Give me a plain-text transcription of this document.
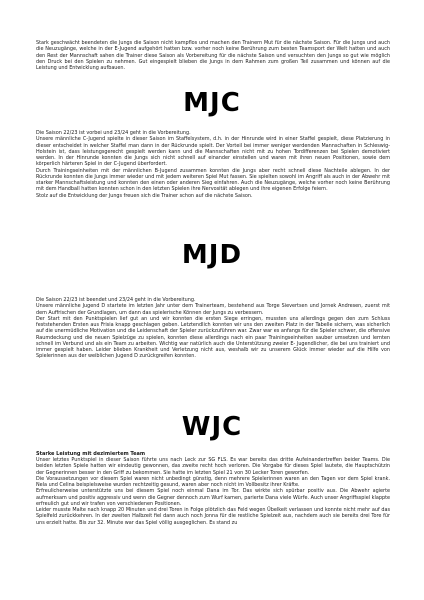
Stark geschwächt beendeten die Jungs die Saison nicht kampflos und machen den Trainern Mut für die nächste Saison. Für die Jungs und auch die Neuzugänge, welche in der E-Jugend aufgehört hatten bzw. vorher noch keine Berührung zum besten Teamsport der Welt hatten und auch den Rest der Mannschaft sahen die Trainer diese Saison als Vorbereitung für die nächste Saison und versuchten den Jungs so gut wie möglich den Druck bei den Spielen zu nehmen. Gut eingespielt blieben die Jungs in dem Rahmen zum großen Teil zusammen und können auf die Leistung und Entwicklung aufbauen.

MJC
Die Saison 22/23 ist vorbei und 23/24 geht in die Vorbereitung.
Unsere männliche C-Jugend spielte in dieser Saison im Staffelsystem, d.h. in der Hinrunde wird in einer Staffel gespielt, diese Platzierung in dieser entscheidet in welcher Staffel man dann in der Rückrunde spielt. Der Vorteil bei immer weniger werdenden Mannschaften in Schleswig-Holstein ist, dass leistungsgerecht gespielt werden kann und die Mannschaften nicht mit zu hohen Tordifferenzen bei Spielen demotiviert werden. In der Hinrunde konnten die Jungs sich nicht schnell auf einander einstellen und waren mit ihren neuen Positionen, sowie dem körperlich härteren Spiel in der C-Jugend überfordert.
Durch Trainingseinheiten mit der männlichen B-Jugend zusammen konnten die Jungs aber recht schnell diese Nachteile ablegen. In der Rückrunde konnten die Jungs immer wieder und mit jedem weiteren Spiel Mut fassen. Sie spielten sowohl im Angriff als auch in der Abwehr mit starker Mannschaftsleistung und konnten den einen oder anderen Sieg einfahren. Auch die Neuzugänge, welche vorher noch keine Berührung mit dem Handball hatten konnten schon in den letzten Spielen ihre Nervosität ablegen und ihre eigenen Erfolge feiern.
Stolz auf die Entwicklung der Jungs freuen sich die Trainer schon auf die nächste Saison.
MJD
Die Saison 22/23 ist beendet und 23/24 geht in die Vorbereitung.
Unsere männliche Jugend D startete im letzten Jahr unter dem Trainerteam, bestehend aus Torge Sievertsen und Jornek Andresen, zuerst mit dem Auffrischen der Grundlagen, um dann das spielerische Können der Jungs zu verbessern.
Der Start mit den Punktspielen lief gut an und wir konnten die ersten Siege erringen, mussten uns allerdings gegen den zum Schluss feststehenden Ersten aus Frisia knapp geschlagen geben. Letztendlich konnten wir uns den zweiten Platz in der Tabelle sichern, was sicherlich auf die unermüdliche Motivation und die Leidenschaft der Spieler zurückzuführen war. Zwar war es anfangs für die Spieler schwer, die offensive Raumdeckung und die neuen Spielzüge zu spielen, konnten diese allerdings nach ein paar Trainingseinheiten sauber umsetzen und lernten schnell im Verbund und als ein Team zu arbeiten. Wichtig war natürlich auch die Unterstützung zweier E- Jugendlicher, die bei uns trainiert und immer gespielt haben. Leider blieben Krankheit und Verletzung nicht aus, weshalb wir zu unserem Glück immer wieder auf die Hilfe von Spielerinnen aus der weiblichen Jugend D zurückgreifen konnten.
WJC

Starke Leistung mit dezimiertem Team

Unser letztes Punktspiel in dieser Saison führte uns nach Leck zur SG FLS. Es war bereits das dritte Aufeinandertreffen beider Teams. Die beiden letzten Spiele hatten wir eindeutig gewonnen, das zweite recht hoch verloren. Die Vorgabe für dieses Spiel lautete, die Hauptschützin der Gegnerinnen besser in den Griff zu bekommen. Sie hatte im letzten Spiel 21 von 30 Lecker Toren geworfen.
Die Voraussetzungen vor diesem Spiel waren nicht unbedingt günstig, denn mehrere Spielerinnen waren an den Tagen vor dem Spiel krank. Nela und Celina beispielsweise wurden rechtzeitig gesund, waren aber noch nicht im Vollbesitz ihrer Kräfte.
Erfreulicherweise unterstützte uns bei diesem Spiel noch einmal Dana im Tor. Das wirkte sich spürbar positiv aus. Die Abwehr agierte aufmerksam und positiv aggressiv und wenn die Gegner dennoch zum Wurf kamen, parierte Dana viele Würfe. Auch unser Angriffsspiel klappte erfreulich gut und wir trafen von verschiedenen Positionen.
Leider musste Malte nach knapp 20 Minuten und drei Toren in Folge plötzlich das Feld wegen Übelkeit verlassen und konnte nicht mehr auf das Spielfeld zurückkehren. In der zweiten Halbzeit fiel dann auch noch Jonna für die restliche Spielzeit aus, nachdem auch sie bereits drei Tore für uns erzielt hatte. Bis zur 32. Minute war das Spiel völlig ausgeglichen. Es stand zu
